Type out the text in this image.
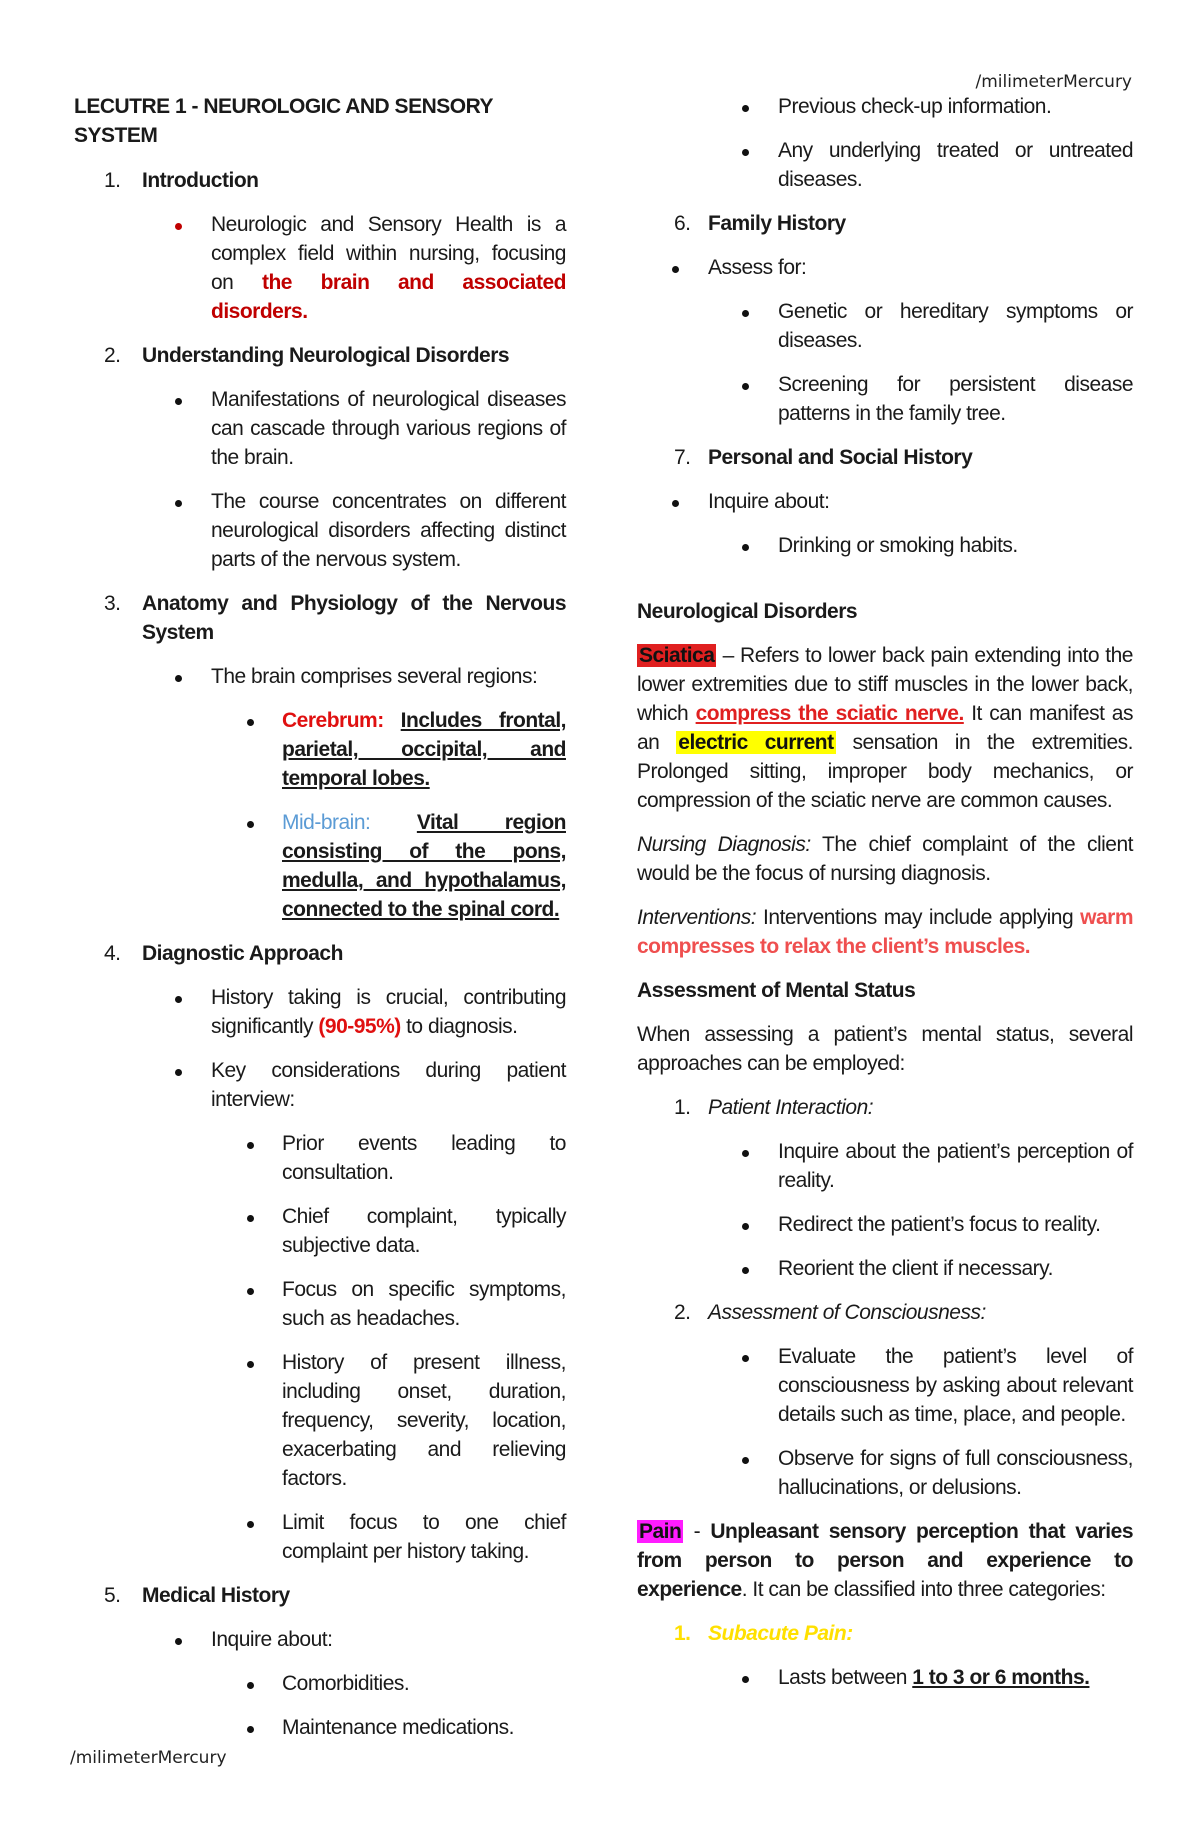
/milimeterMercury
/milimeterMercury
LECUTRE 1 - NEUROLOGIC AND SENSORY SYSTEM
1. Introduction
Neurologic and Sensory Health is a complex field within nursing, focusing on the brain and associated disorders.
2. Understanding Neurological Disorders
Manifestations of neurological diseases can cascade through various regions of the brain.
The course concentrates on different neurological disorders affecting distinct parts of the nervous system.
3. Anatomy and Physiology of the Nervous System
The brain comprises several regions:
Cerebrum: Includes frontal, parietal, occipital, and temporal lobes.
Mid-brain: Vital region consisting of the pons, medulla, and hypothalamus, connected to the spinal cord.
4. Diagnostic Approach
History taking is crucial, contributing significantly (90-95%) to diagnosis.
Key considerations during patient interview:
Prior events leading to consultation.
Chief complaint, typically subjective data.
Focus on specific symptoms, such as headaches.
History of present illness, including onset, duration, frequency, severity, location, exacerbating and relieving factors.
Limit focus to one chief complaint per history taking.
5. Medical History
Inquire about:
Comorbidities.
Maintenance medications.
Previous check-up information.
Any underlying treated or untreated diseases.
6. Family History
Assess for:
Genetic or hereditary symptoms or diseases.
Screening for persistent disease patterns in the family tree.
7. Personal and Social History
Inquire about:
Drinking or smoking habits.
Neurological Disorders
Sciatica – Refers to lower back pain extending into the lower extremities due to stiff muscles in the lower back, which compress the sciatic nerve. It can manifest as an electric current sensation in the extremities. Prolonged sitting, improper body mechanics, or compression of the sciatic nerve are common causes.
Nursing Diagnosis: The chief complaint of the client would be the focus of nursing diagnosis.
Interventions: Interventions may include applying warm compresses to relax the client’s muscles.
Assessment of Mental Status
When assessing a patient’s mental status, several approaches can be employed:
1. Patient Interaction:
Inquire about the patient’s perception of reality.
Redirect the patient’s focus to reality.
Reorient the client if necessary.
2. Assessment of Consciousness:
Evaluate the patient’s level of consciousness by asking about relevant details such as time, place, and people.
Observe for signs of full consciousness, hallucinations, or delusions.
Pain - Unpleasant sensory perception that varies from person to person and experience to experience. It can be classified into three categories:
1. Subacute Pain:
Lasts between 1 to 3 or 6 months.
